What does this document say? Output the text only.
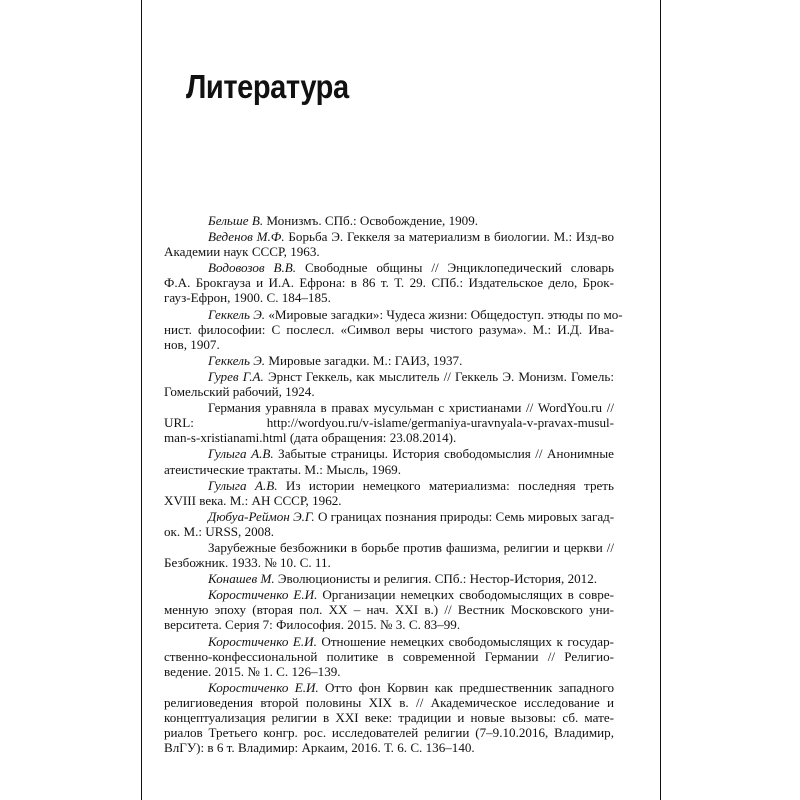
Литература
Бельше В. Монизмъ. СПб.: Освобождение, 1909.
Веденов М.Ф. Борьба Э. Геккеля за материализм в биологии. М.: Изд-во
Академии наук СССР, 1963.
Водовозов В.В. Свободные общины // Энциклопедический словарь
Ф.А. Брокгауза и И.А. Ефрона: в 86 т. Т. 29. СПб.: Издательское дело, Брок-
гауз-Ефрон, 1900. С. 184–185.
Геккель Э. «Мировые загадки»: Чудеса жизни: Общедоступ. этюды по мо-
нист. философии: С послесл. «Символ веры чистого разума». М.: И.Д. Ива-
нов, 1907.
Геккель Э. Мировые загадки. М.: ГАИЗ, 1937.
Гурев Г.А. Эрнст Геккель, как мыслитель // Геккель Э. Монизм. Гомель:
Гомельский рабочий, 1924.
Германия уравняла в правах мусульман с христианами // WordYou.ru //
URL: http://wordyou.ru/v-islame/germaniya-uravnyala-v-pravax-musul-
man-s-xristianami.html (дата обращения: 23.08.2014).
Гулыга А.В. Забытые страницы. История свободомыслия // Анонимные
атеистические трактаты. М.: Мысль, 1969.
Гулыга А.В. Из истории немецкого материализма: последняя треть
XVIII века. М.: АН СССР, 1962.
Дюбуа-Реймон Э.Г. О границах познания природы: Семь мировых загад-
ок. М.: URSS, 2008.
Зарубежные безбожники в борьбе против фашизма, религии и церкви //
Безбожник. 1933. № 10. С. 11.
Конашев М. Эволюционисты и религия. СПб.: Нестор-История, 2012.
Коростиченко Е.И. Организации немецких свободомыслящих в совре-
менную эпоху (вторая пол. XX – нач. XXI в.) // Вестник Московского уни-
верситета. Серия 7: Философия. 2015. № 3. С. 83–99.
Коростиченко Е.И. Отношение немецких свободомыслящих к государ-
ственно-конфессиональной политике в современной Германии // Религио-
ведение. 2015. № 1. С. 126–139.
Коростиченко Е.И. Отто фон Корвин как предшественник западного
религиоведения второй половины XIX в. // Академическое исследование и
концептуализация религии в XXI веке: традиции и новые вызовы: сб. мате-
риалов Третьего конгр. рос. исследователей религии (7–9.10.2016, Владимир,
ВлГУ): в 6 т. Владимир: Аркаим, 2016. Т. 6. С. 136–140.
